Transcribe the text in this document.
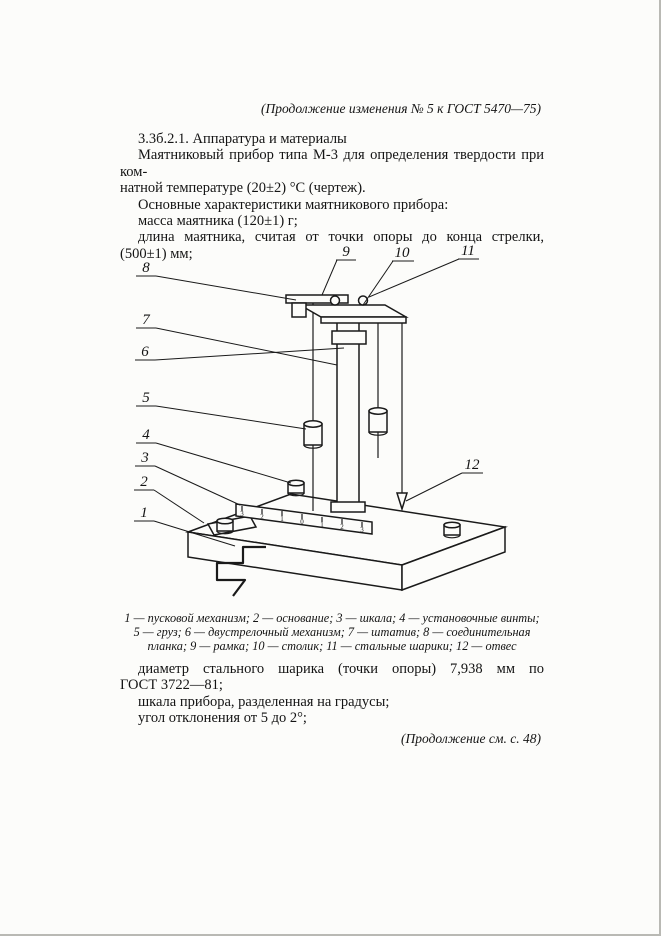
(Продолжение изменения № 5 к ГОСТ 5470—75)
3.3б.2.1. Аппаратура и материалы
Маятниковый прибор типа М-3 для определения твердости при ком-
натной температуре (20±2) °С (чертеж).
Основные характеристики маятникового прибора:
масса маятника (120±1) г;
длина маятника, считая от точки опоры до конца стрелки,
(500±1) мм;
3 2 1 0 1 2 3
8
7
6
5
4
3
2
1
9	10	11
12
1 — пусковой механизм; 2 — основание; 3 — шкала; 4 — установочные винты;
5 — груз; 6 — двустрелочный механизм; 7 — штатив; 8 — соединительная
планка; 9 — рамка; 10 — столик; 11 — стальные шарики; 12 — отвес
диаметр стального шарика (точки опоры) 7,938 мм по
ГОСТ 3722—81;
шкала прибора, разделенная на градусы;
угол отклонения от 5 до 2°;
(Продолжение см. с. 48)
